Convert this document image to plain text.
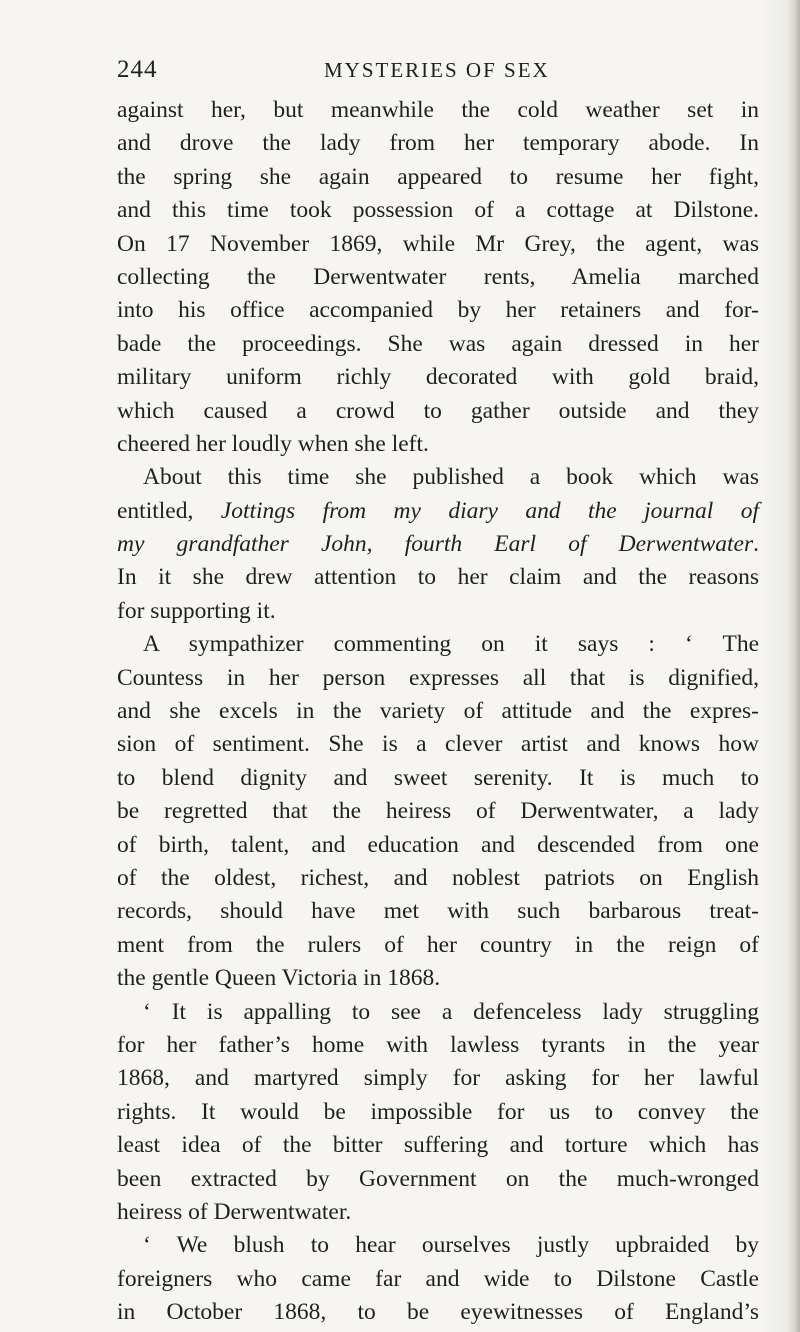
244	MYSTERIES OF SEX
against her, but meanwhile the cold weather set in
and drove the lady from her temporary abode. In
the spring she again appeared to resume her fight,
and this time took possession of a cottage at Dilstone.
On 17 November 1869, while Mr Grey, the agent, was
collecting the Derwentwater rents, Amelia marched
into his office accompanied by her retainers and for-
bade the proceedings. She was again dressed in her
military uniform richly decorated with gold braid,
which caused a crowd to gather outside and they
cheered her loudly when she left.
About this time she published a book which was
entitled, Jottings from my diary and the journal of
my grandfather John, fourth Earl of Derwentwater.
In it she drew attention to her claim and the reasons
for supporting it.
A sympathizer commenting on it says : ‘ The
Countess in her person expresses all that is dignified,
and she excels in the variety of attitude and the expres-
sion of sentiment. She is a clever artist and knows how
to blend dignity and sweet serenity. It is much to
be regretted that the heiress of Derwentwater, a lady
of birth, talent, and education and descended from one
of the oldest, richest, and noblest patriots on English
records, should have met with such barbarous treat-
ment from the rulers of her country in the reign of
the gentle Queen Victoria in 1868.
‘ It is appalling to see a defenceless lady struggling
for her father’s home with lawless tyrants in the year
1868, and martyred simply for asking for her lawful
rights. It would be impossible for us to convey the
least idea of the bitter suffering and torture which has
been extracted by Government on the much-wronged
heiress of Derwentwater.
‘ We blush to hear ourselves justly upbraided by
foreigners who came far and wide to Dilstone Castle
in October 1868, to be eyewitnesses of England’s
